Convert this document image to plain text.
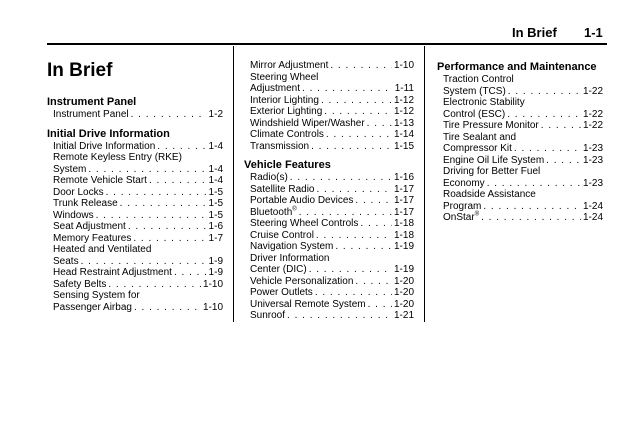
In Brief 1-1
In Brief
Instrument Panel
Instrument Panel . . .	1-2
Initial Drive Information
Initial Drive Information . . .	1-4
Remote Keyless Entry (RKE)
System . . .	1-4
Remote Vehicle Start . . .	1-4
Door Locks . . .	1-5
Trunk Release . . .	1-5
Windows . . .	1-5
Seat Adjustment . . .	1-6
Memory Features . . .	1-7
Heated and Ventilated
Seats . . .	1-9
Head Restraint Adjustment . . .	1-9
Safety Belts . . .	1-10
Sensing System for
Passenger Airbag . . .	1-10
Mirror Adjustment . . .	1-10
Steering Wheel
Adjustment . . .	1-11
Interior Lighting . . .	1-12
Exterior Lighting . . .	1-12
Windshield Wiper/Washer . . .	1-13
Climate Controls . . .	1-14
Transmission . . .	1-15
Vehicle Features
Radio(s) . . .	1-16
Satellite Radio . . .	1-17
Portable Audio Devices . . .	1-17
Bluetooth® . . .	1-17
Steering Wheel Controls . . .	1-18
Cruise Control . . .	1-18
Navigation System . . .	1-19
Driver Information
Center (DIC) . . .	1-19
Vehicle Personalization . . .	1-20
Power Outlets . . .	1-20
Universal Remote System . . .	1-20
Sunroof . . .	1-21
Performance and Maintenance
Traction Control
System (TCS) . . .	1-22
Electronic Stability
Control (ESC) . . .	1-22
Tire Pressure Monitor . . .	1-22
Tire Sealant and
Compressor Kit . . .	1-23
Engine Oil Life System . . .	1-23
Driving for Better Fuel
Economy . . .	1-23
Roadside Assistance
Program . . .	1-24
OnStar® . . .	1-24
